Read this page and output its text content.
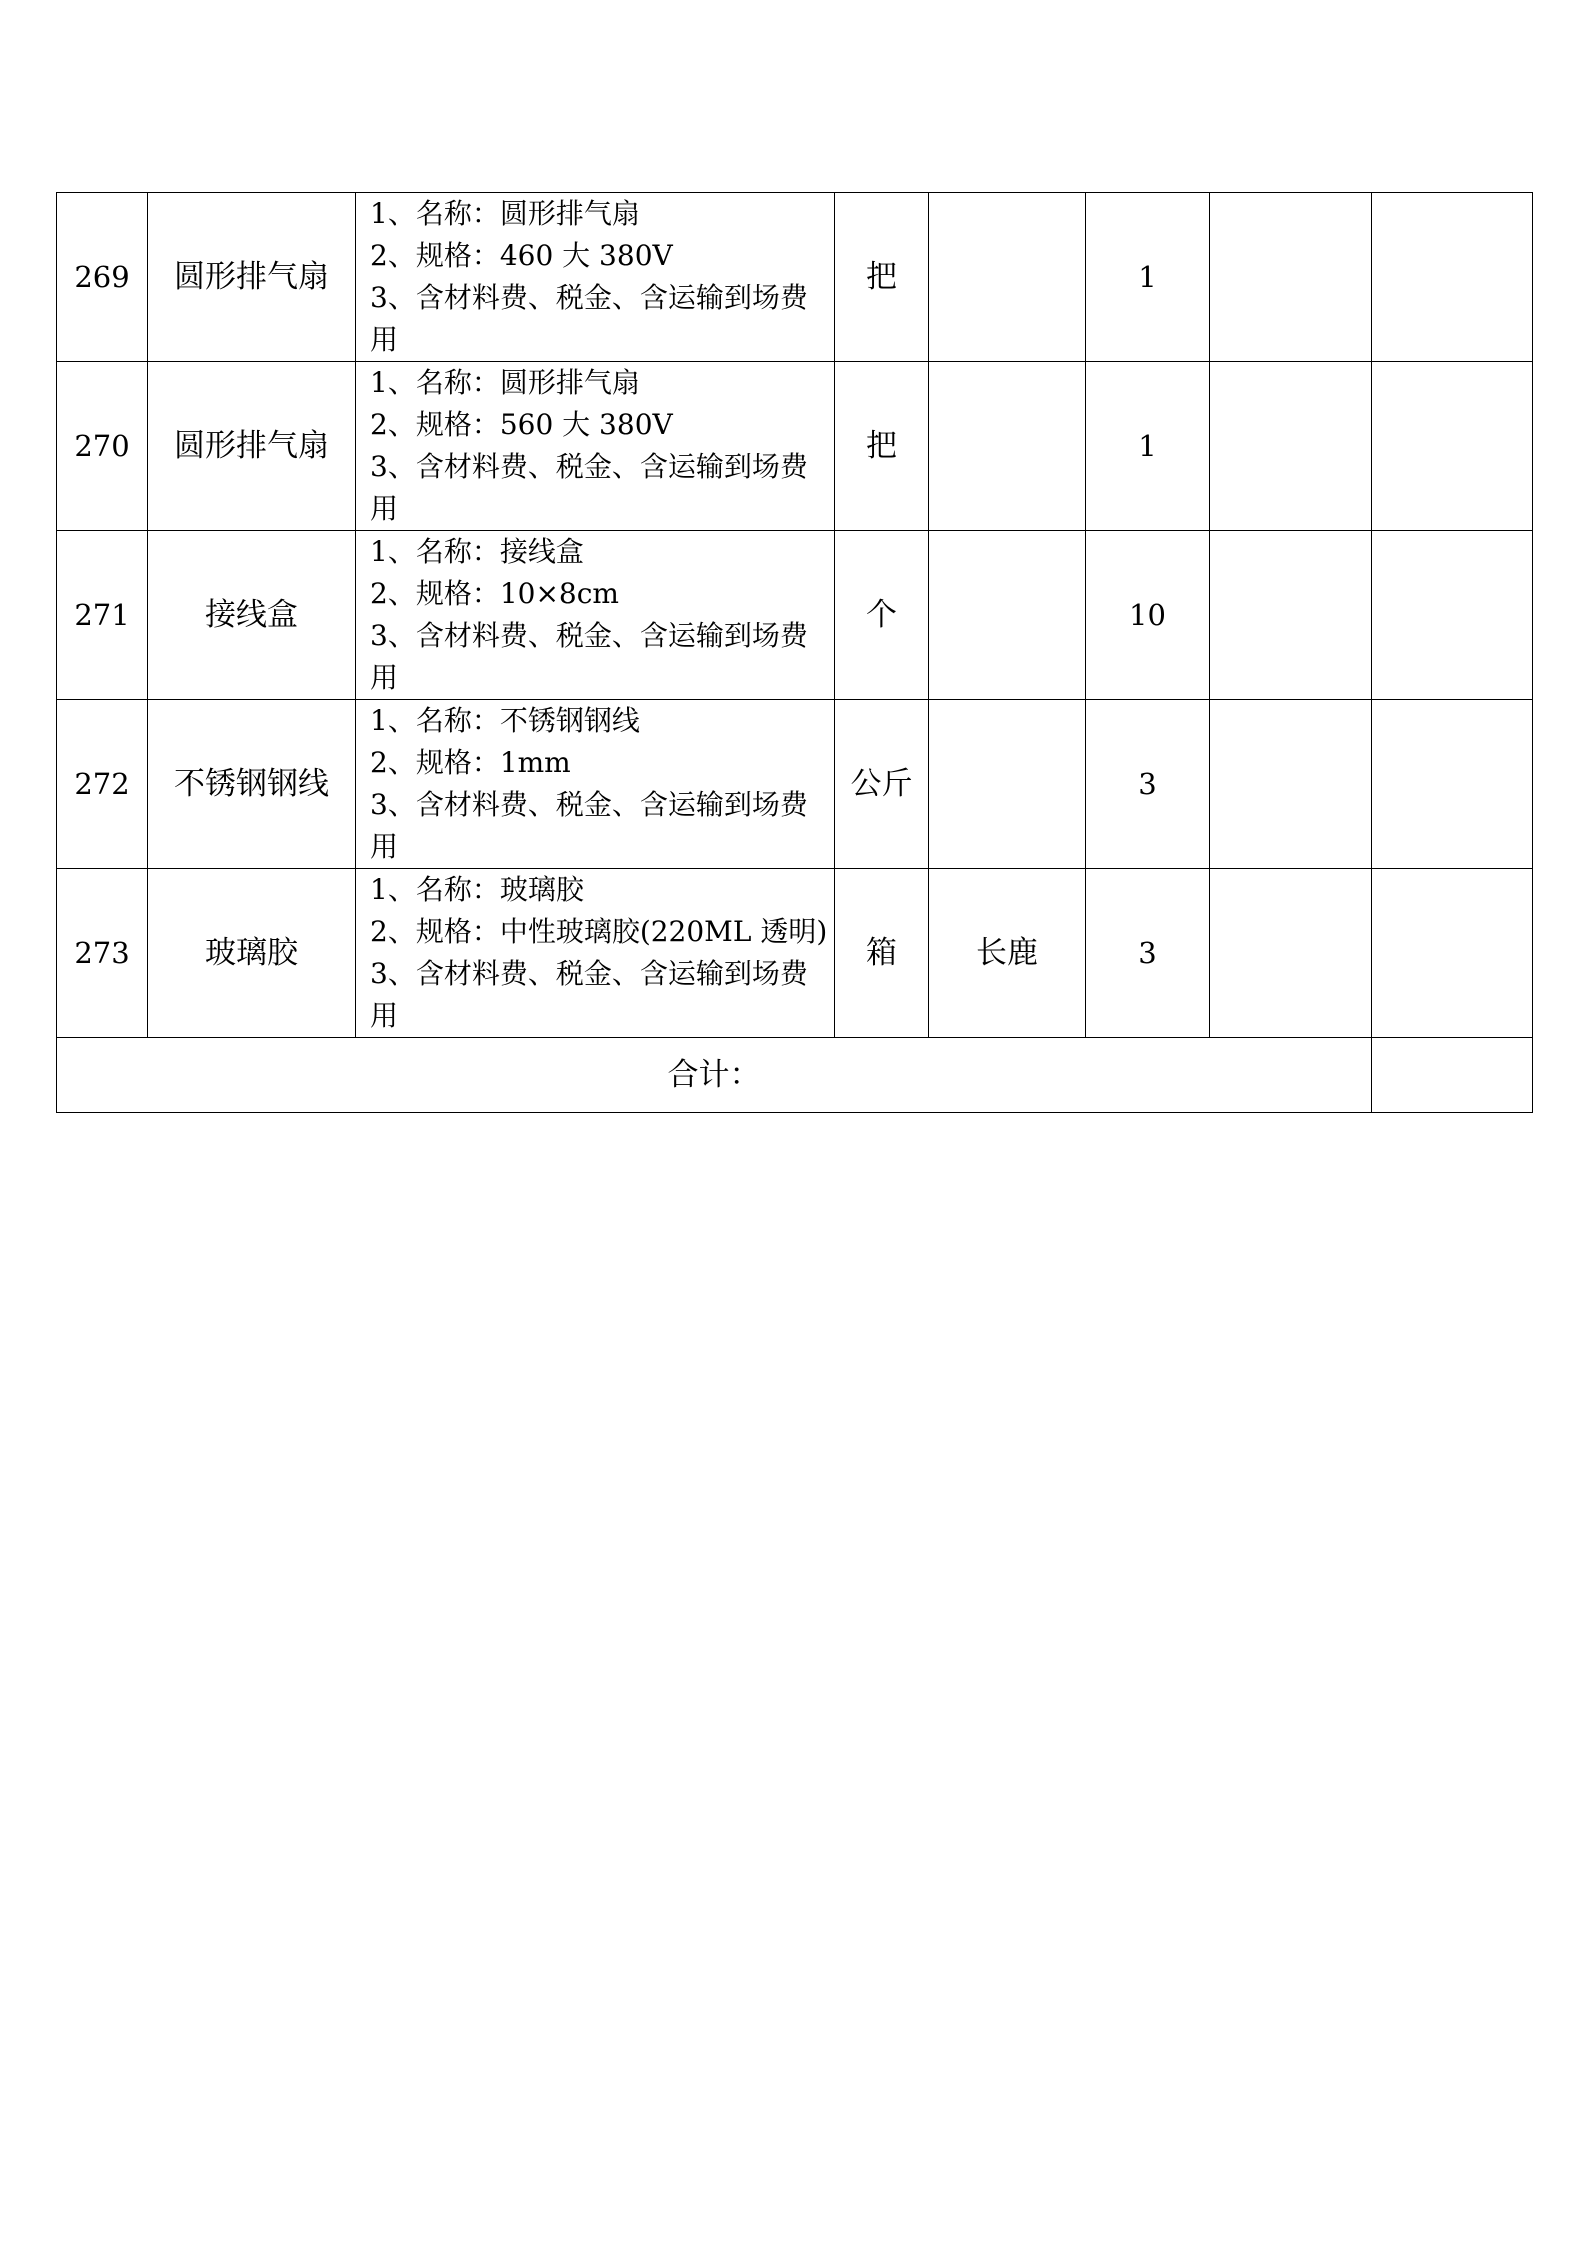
269	圆形排气扇	1、名称：圆形排气扇
2、规格：460 大 380V
3、含材料费、税金、含运输到场费用	把		1		
270	圆形排气扇	1、名称：圆形排气扇
2、规格：560 大 380V
3、含材料费、税金、含运输到场费用	把		1		
271	接线盒	1、名称：接线盒
2、规格：10×8cm
3、含材料费、税金、含运输到场费用	个		10		
272	不锈钢钢线	1、名称：不锈钢钢线
2、规格：1mm
3、含材料费、税金、含运输到场费用	公斤		3		
273	玻璃胶	1、名称：玻璃胶
2、规格：中性玻璃胶(220ML 透明)
3、含材料费、税金、含运输到场费用	箱	长鹿	3		
合计：							
